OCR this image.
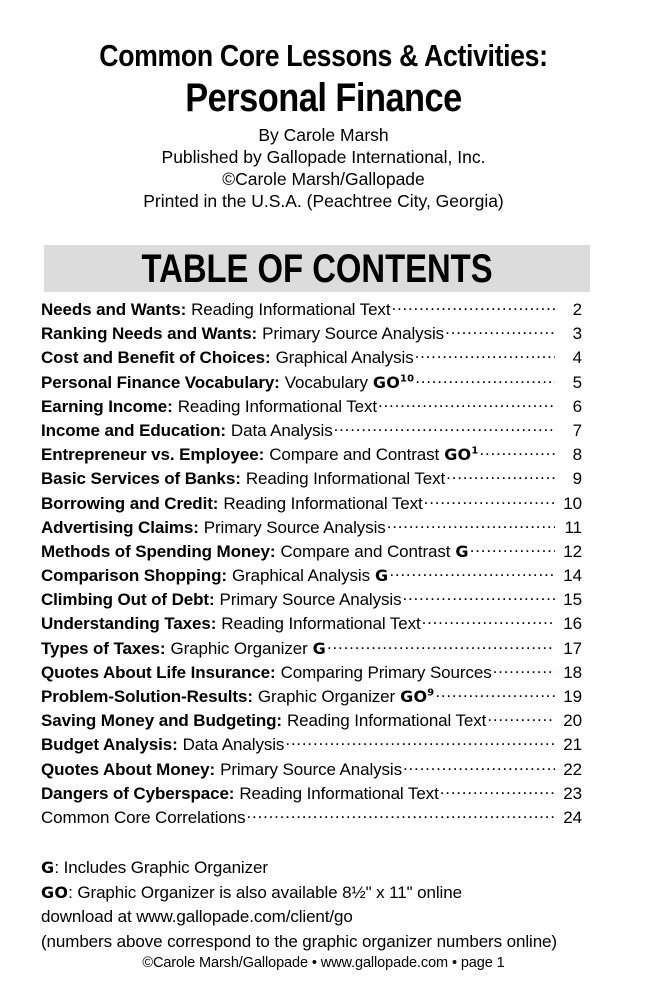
Common Core Lessons & Activities:
Personal Finance
By Carole Marsh
Published by Gallopade International, Inc.
©Carole Marsh/Gallopade
Printed in the U.S.A. (Peachtree City, Georgia)
TABLE OF CONTENTS
Needs and Wants: Reading Informational Text .....	2
Ranking Needs and Wants: Primary Source Analysis .....	3
Cost and Benefit of Choices: Graphical Analysis .....	4
Personal Finance Vocabulary: Vocabulary GO$^{10}$ .....	5
Earning Income: Reading Informational Text .....	6
Income and Education: Data Analysis .....	7
Entrepreneur vs. Employee: Compare and Contrast $GO^1$ .....	8
Basic Services of Banks: Reading Informational Text .....	9
Borrowing and Credit: Reading Informational Text .....	10
Advertising Claims: Primary Source Analysis .....	11
Methods of Spending Money: Compare and Contrast G .....	12
Comparison Shopping: Graphical Analysis G .....	14
Climbing Out of Debt: Primary Source Analysis .....	15
Understanding Taxes: Reading Informational Text .....	16
Types of Taxes: Graphic Organizer G .....	17
Quotes About Life Insurance: Comparing Primary Sources .....	18
Problem-Solution-Results: Graphic Organizer $GO^9$ .....	19
Saving Money and Budgeting: Reading Informational Text .....	20
Budget Analysis: Data Analysis .....	21
Quotes About Money: Primary Source Analysis .....	22
Dangers of Cyberspace: Reading Informational Text .....	23
Common Core Correlations .....	24
G: Includes Graphic Organizer
GO: Graphic Organizer is also available 8½" x 11" online
download at www.gallopade.com/client/go
(numbers above correspond to the graphic organizer numbers online)
©Carole Marsh/Gallopade • www.gallopade.com • page 1
